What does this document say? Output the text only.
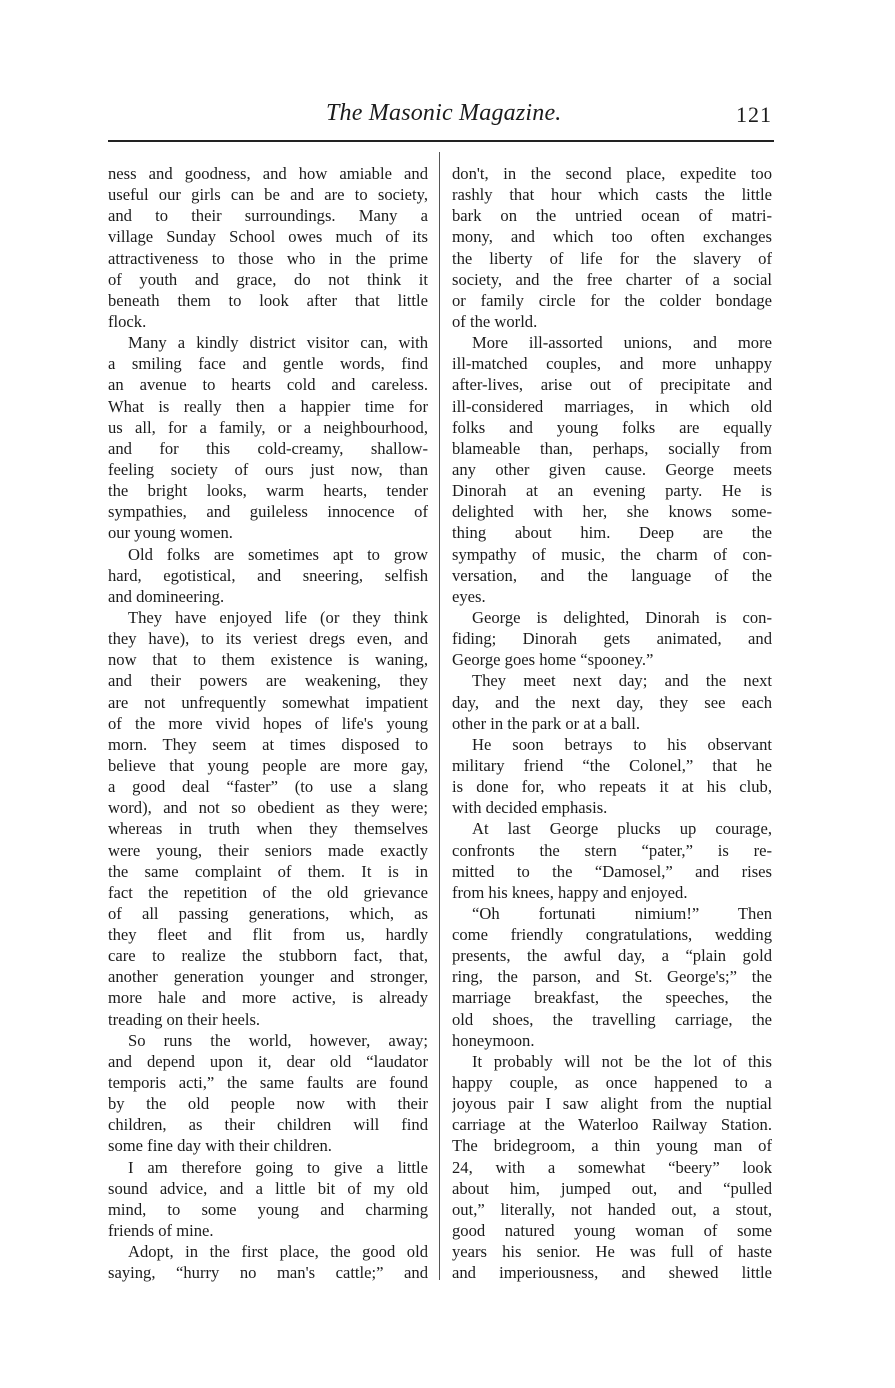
The Masonic Magazine.	121
ness and goodness, and how amiable and
useful our girls can be and are to society,
and to their surroundings. Many a
village Sunday School owes much of its
attractiveness to those who in the prime
of youth and grace, do not think it
beneath them to look after that little
flock.
Many a kindly district visitor can, with
a smiling face and gentle words, find
an avenue to hearts cold and careless.
What is really then a happier time for
us all, for a family, or a neighbourhood,
and for this cold-creamy, shallow-
feeling society of ours just now, than
the bright looks, warm hearts, tender
sympathies, and guileless innocence of
our young women.
Old folks are sometimes apt to grow
hard, egotistical, and sneering, selfish
and domineering.
They have enjoyed life (or they think
they have), to its veriest dregs even, and
now that to them existence is waning,
and their powers are weakening, they
are not unfrequently somewhat impatient
of the more vivid hopes of life's young
morn. They seem at times disposed to
believe that young people are more gay,
a good deal “faster” (to use a slang
word), and not so obedient as they were;
whereas in truth when they themselves
were young, their seniors made exactly
the same complaint of them. It is in
fact the repetition of the old grievance
of all passing generations, which, as
they fleet and flit from us, hardly
care to realize the stubborn fact, that,
another generation younger and stronger,
more hale and more active, is already
treading on their heels.
So runs the world, however, away;
and depend upon it, dear old “laudator
temporis acti,” the same faults are found
by the old people now with their
children, as their children will find
some fine day with their children.
I am therefore going to give a little
sound advice, and a little bit of my old
mind, to some young and charming
friends of mine.
Adopt, in the first place, the good old
saying, “hurry no man's cattle;” and
don't, in the second place, expedite too
rashly that hour which casts the little
bark on the untried ocean of matri-
mony, and which too often exchanges
the liberty of life for the slavery of
society, and the free charter of a social
or family circle for the colder bondage
of the world.
More ill-assorted unions, and more
ill-matched couples, and more unhappy
after-lives, arise out of precipitate and
ill-considered marriages, in which old
folks and young folks are equally
blameable than, perhaps, socially from
any other given cause. George meets
Dinorah at an evening party. He is
delighted with her, she knows some-
thing about him. Deep are the
sympathy of music, the charm of con-
versation, and the language of the
eyes.
George is delighted, Dinorah is con-
fiding; Dinorah gets animated, and
George goes home “spooney.”
They meet next day; and the next
day, and the next day, they see each
other in the park or at a ball.
He soon betrays to his observant
military friend “the Colonel,” that he
is done for, who repeats it at his club,
with decided emphasis.
At last George plucks up courage,
confronts the stern “pater,” is re-
mitted to the “Damosel,” and rises
from his knees, happy and enjoyed.
“Oh fortunati nimium!” Then
come friendly congratulations, wedding
presents, the awful day, a “plain gold
ring, the parson, and St. George's;” the
marriage breakfast, the speeches, the
old shoes, the travelling carriage, the
honeymoon.
It probably will not be the lot of this
happy couple, as once happened to a
joyous pair I saw alight from the nuptial
carriage at the Waterloo Railway Station.
The bridegroom, a thin young man of
24, with a somewhat “beery” look
about him, jumped out, and “pulled
out,” literally, not handed out, a stout,
good natured young woman of some
years his senior. He was full of haste
and imperiousness, and shewed little
